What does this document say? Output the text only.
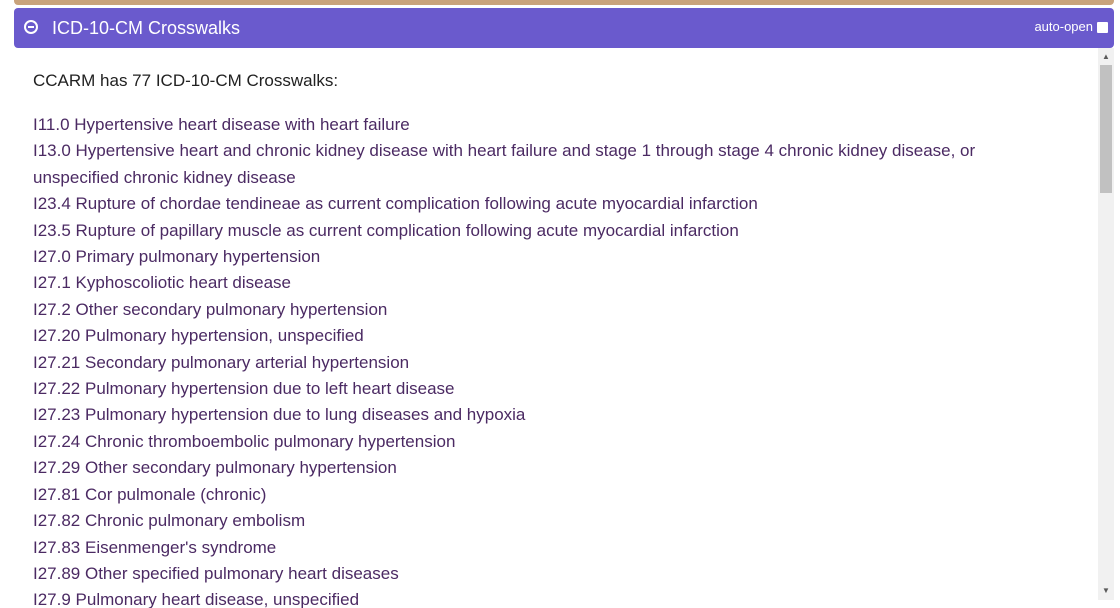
ICD-10-CM Crosswalks	auto-open

CCARM has 77 ICD-10-CM Crosswalks:

I11.0 Hypertensive heart disease with heart failure
I13.0 Hypertensive heart and chronic kidney disease with heart failure and stage 1 through stage 4 chronic kidney disease, or unspecified chronic kidney disease
I23.4 Rupture of chordae tendineae as current complication following acute myocardial infarction
I23.5 Rupture of papillary muscle as current complication following acute myocardial infarction
I27.0 Primary pulmonary hypertension
I27.1 Kyphoscoliotic heart disease
I27.2 Other secondary pulmonary hypertension
I27.20 Pulmonary hypertension, unspecified
I27.21 Secondary pulmonary arterial hypertension
I27.22 Pulmonary hypertension due to left heart disease
I27.23 Pulmonary hypertension due to lung diseases and hypoxia
I27.24 Chronic thromboembolic pulmonary hypertension
I27.29 Other secondary pulmonary hypertension
I27.81 Cor pulmonale (chronic)
I27.82 Chronic pulmonary embolism
I27.83 Eisenmenger's syndrome
I27.89 Other specified pulmonary heart diseases
I27.9 Pulmonary heart disease, unspecified
▲
▼
